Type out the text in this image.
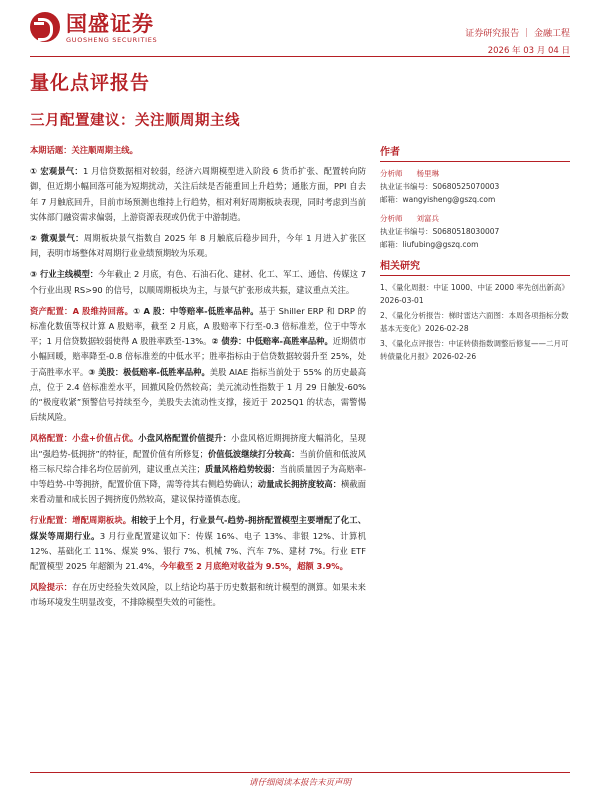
国盛证券
GUOSHENG SECURITIES
证券研究报告 ｜ 金融工程
2026 年 03 月 04 日
量化点评报告
三月配置建议：关注顺周期主线

本期话题：关注顺周期主线。

① 宏观景气：1 月信贷数据相对较弱，经济六周期模型进入阶段 6 货币扩张、配置转向防御，但近期小幅回落可能为短期扰动，关注后续是否能重回上升趋势；通胀方面，PPI 自去年 7 月触底回升，目前市场预测也维持上行趋势，相对利好周期板块表现，同时考虑到当前实体部门融资需求偏弱，上游资源表现或仍优于中游制造。

② 微观景气：周期板块景气指数自 2025 年 8 月触底后稳步回升，今年 1 月进入扩张区间，表明市场整体对周期行业业绩预期较为乐观。

③ 行业主线模型：今年截止 2 月底，有色、石油石化、建材、化工、军工、通信、传媒这 7 个行业出现 RS>90 的信号，以顺周期板块为主，与景气扩张形成共振，建议重点关注。

资产配置：A 股维持回落。① A 股：中等赔率-低胜率品种。基于 Shiller ERP 和 DRP 的标准化数值等权计算 A 股赔率，截至 2 月底，A 股赔率下行至-0.3 倍标准差，位于中等水平；1 月信贷数据较弱使得 A 股胜率跌至-13%。② 债券：中低赔率-高胜率品种。近期债市小幅回暖，赔率降至-0.8 倍标准差的中低水平；胜率指标由于信贷数据较弱升至 25%，处于高胜率水平。③ 美股：极低赔率-低胜率品种。美股 AIAE 指标当前处于 55% 的历史最高点，位于 2.4 倍标准差水平，回撤风险仍然较高；美元流动性指数于 1 月 29 日触发-60%的“极度收紧”预警信号持续至今，美股失去流动性支撑，接近于 2025Q1 的状态，需警惕后续风险。

风格配置：小盘+价值占优。小盘风格配置价值提升：小盘风格近期拥挤度大幅消化，呈现出“强趋势-低拥挤”的特征，配置价值有所修复；价值低波继续打分较高：当前价值和低波风格三标尺综合排名均位居前列，建议重点关注；质量风格趋势较弱：当前质量因子为高赔率-中等趋势-中等拥挤，配置价值下降，需等待其右侧趋势确认；动量成长拥挤度较高：横截面来看动量和成长因子拥挤度仍然较高，建议保持谨慎态度。

行业配置：增配周期板块。相较于上个月，行业景气-趋势-拥挤配置模型主要增配了化工、煤炭等周期行业。3 月行业配置建议如下：传媒 16%、电子 13%、非银 12%、计算机 12%、基础化工 11%、煤炭 9%、银行 7%、机械 7%、汽车 7%、建材 7%。行业 ETF 配置模型 2025 年超额为 21.4%，今年截至 2 月底绝对收益为 9.5%，超额 3.9%。

风险提示：存在历史经验失效风险，以上结论均基于历史数据和统计模型的测算。如果未来市场环境发生明显改变，不排除模型失效的可能性。

作者
分析师 杨里琳
执业证书编号：S0680525070003
邮箱：wangyisheng@gszq.com
分析师 刘富兵
执业证书编号：S0680518030007
邮箱：liufubing@gszq.com
相关研究
1、《量化周报：中证 1000、中证 2000 率先创出新高》2026-03-01
2、《量化分析报告：梯时雷达六面图：本周各项指标分数基本无变化》2026-02-28
3、《量化点评报告：中证转债指数调整后修复——二月可转债量化月报》2026-02-26
请仔细阅读本报告末页声明
